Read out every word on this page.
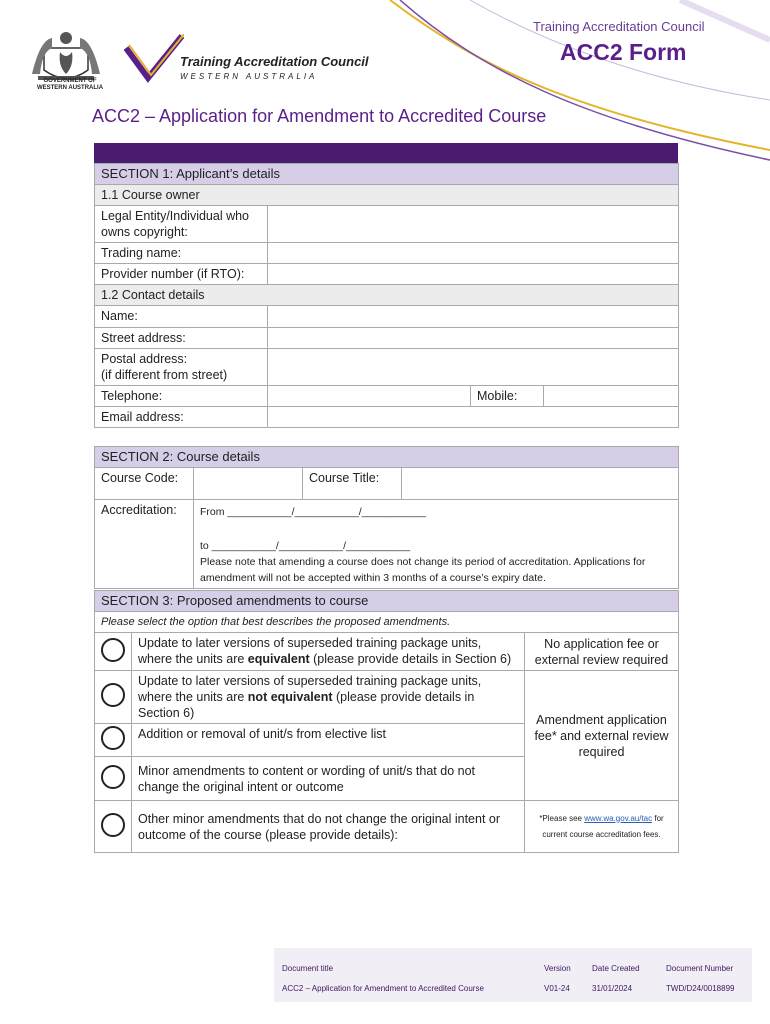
GOVERNMENT OF WESTERN AUSTRALIA
Training Accreditation Council
WESTERN AUSTRALIA
Training Accreditation Council
ACC2 Form
ACC2 – Application for Amendment to Accredited Course
SECTION 1: Applicant’s details			
1.1 Course owner			
Legal Entity/Individual who owns copyright:			
Trading name:			
Provider number (if RTO):			
1.2 Contact details			
Name:			
Street address:			

Postal address:
(if different from street)			

Telephone:		Mobile:	
Email address:			
SECTION 2: Course details			
Course Code:		Course Title:	
Accreditation:	From ___________/___________/___________
to ___________/___________/___________
Please note that amending a course does not change its period of accreditation. Applications for amendment will not be accepted within 3 months of a course’s expiry date.		
SECTION 3: Proposed amendments to course		
Please select the option that best describes the proposed amendments.		
	Update to later versions of superseded training package units, where the units are equivalent (please provide details in Section 6)	No application fee or external review required
	Update to later versions of superseded training package units, where the units are not equivalent (please provide details in Section 6)	Amendment application fee* and external review required
	Addition or removal of unit/s from elective list	
	Minor amendments to content or wording of unit/s that do not change the original intent or outcome	
	Other minor amendments that do not change the original intent or outcome of the course (please provide details):	*Please see www.wa.gov.au/tac for current course accreditation fees.
Document title	Version	Date Created	Document Number
ACC2 – Application for Amendment to Accredited Course	V01-24	31/01/2024	TWD/D24/0018899
